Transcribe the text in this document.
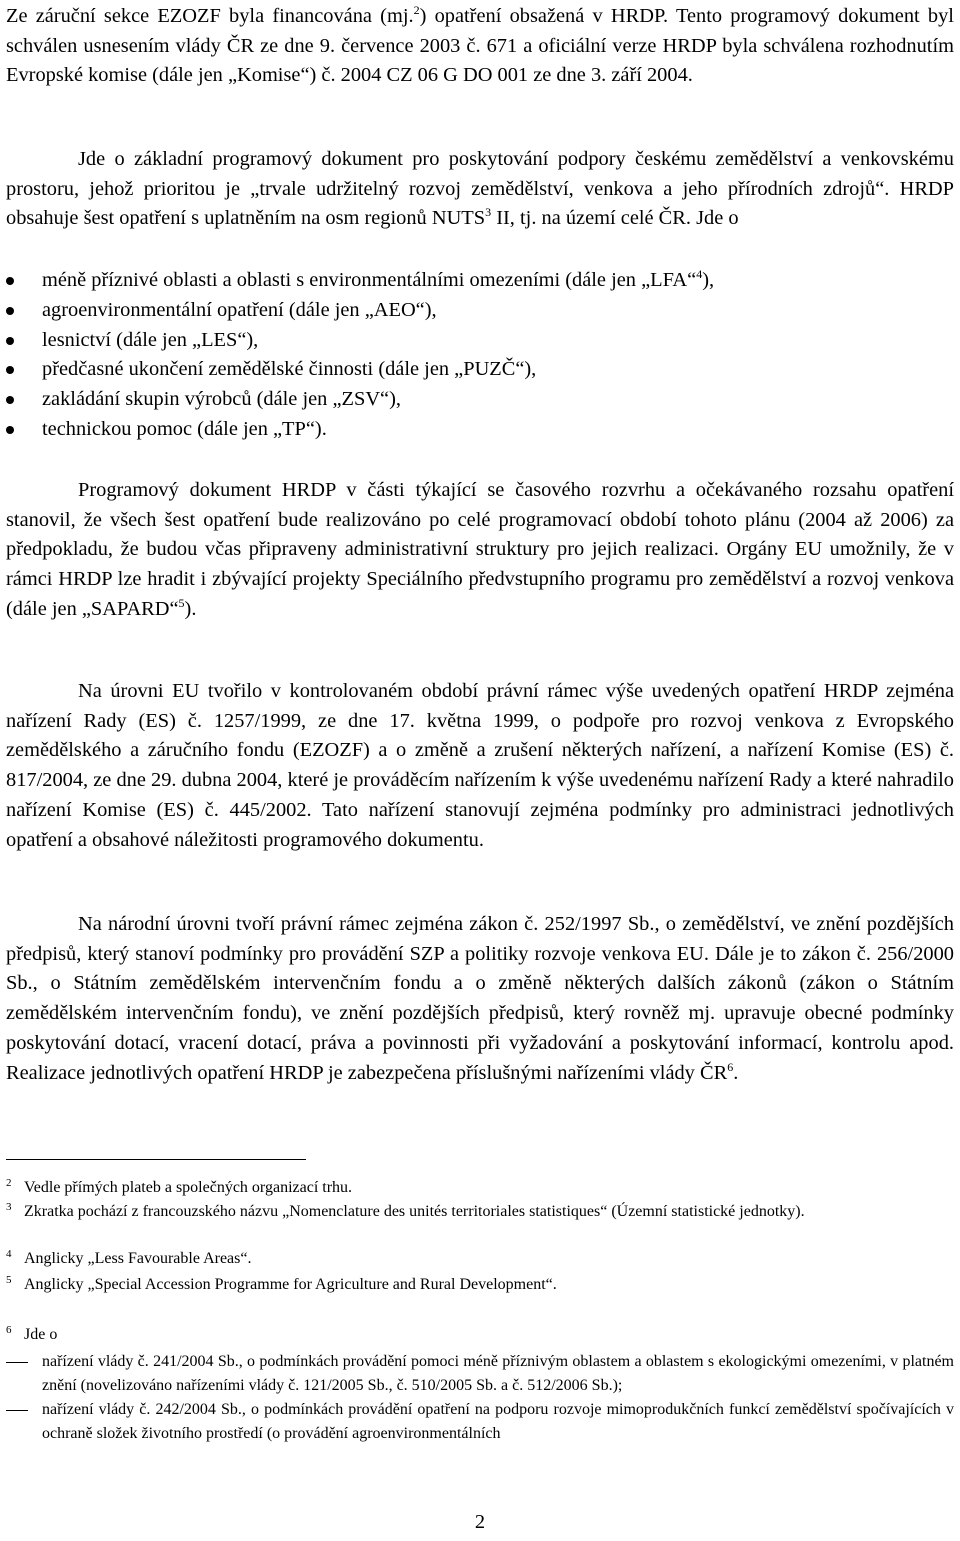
Ze záruční sekce EZOZF byla financována (mj.$^2$) opatření obsažená v HRDP. Tento programový dokument byl schválen usnesením vlády ČR ze dne 9. července 2003 č. 671 a oficiální verze HRDP byla schválena rozhodnutím Evropské komise (dále jen „Komise“) č. 2004 CZ 06 G DO 001 ze dne 3. září 2004.

Jde o základní programový dokument pro poskytování podpory českému zemědělství a venkovskému prostoru, jehož prioritou je „trvale udržitelný rozvoj zemědělství, venkova a jeho přírodních zdrojů“. HRDP obsahuje šest opatření s uplatněním na osm regionů NUTS$^3$ II, tj. na území celé ČR. Jde o

méně příznivé oblasti a oblasti s environmentálními omezeními (dále jen „LFA“$^4$),
agroenvironmentální opatření (dále jen „AEO“),
lesnictví (dále jen „LES“),
předčasné ukončení zemědělské činnosti (dále jen „PUZČ“),
zakládání skupin výrobců (dále jen „ZSV“),
technickou pomoc (dále jen „TP“).

Programový dokument HRDP v části týkající se časového rozvrhu a očekávaného rozsahu opatření stanovil, že všech šest opatření bude realizováno po celé programovací období tohoto plánu (2004 až 2006) za předpokladu, že budou včas připraveny administrativní struktury pro jejich realizaci. Orgány EU umožnily, že v rámci HRDP lze hradit i zbývající projekty Speciálního předvstupního programu pro zemědělství a rozvoj venkova (dále jen „SAPARD“$^5$).

Na úrovni EU tvořilo v kontrolovaném období právní rámec výše uvedených opatření HRDP zejména nařízení Rady (ES) č. 1257/1999, ze dne 17. května 1999, o podpoře pro rozvoj venkova z Evropského zemědělského a záručního fondu (EZOZF) a o změně a zrušení některých nařízení, a nařízení Komise (ES) č. 817/2004, ze dne 29. dubna 2004, které je prováděcím nařízením k výše uvedenému nařízení Rady a které nahradilo nařízení Komise (ES) č. 445/2002. Tato nařízení stanovují zejména podmínky pro administraci jednotlivých opatření a obsahové náležitosti programového dokumentu.

Na národní úrovni tvoří právní rámec zejména zákon č. 252/1997 Sb., o zemědělství, ve znění pozdějších předpisů, který stanoví podmínky pro provádění SZP a politiky rozvoje venkova EU. Dále je to zákon č. 256/2000 Sb., o Státním zemědělském intervenčním fondu a o změně některých dalších zákonů (zákon o Státním zemědělském intervenčním fondu), ve znění pozdějších předpisů, který rovněž mj. upravuje obecné podmínky poskytování dotací, vracení dotací, práva a povinnosti při vyžadování a poskytování informací, kontrolu apod. Realizace jednotlivých opatření HRDP je zabezpečena příslušnými nařízeními vlády $ČR^6$.

2 Vedle přímých plateb a společných organizací trhu.

3 Zkratka pochází z francouzského názvu „Nomenclature des unités territoriales statistiques“ (Územní statistické jednotky).

4 Anglicky „Less Favourable Areas“.

5 Anglicky „Special Accession Programme for Agriculture and Rural Development“.

6 Jde o

nařízení vlády č. 241/2004 Sb., o podmínkách provádění pomoci méně příznivým oblastem a oblastem s ekologickými omezeními, v platném znění (novelizováno nařízeními vlády č. 121/2005 Sb., č. 510/2005 Sb. a č. 512/2006 Sb.);
nařízení vlády č. 242/2004 Sb., o podmínkách provádění opatření na podporu rozvoje mimoprodukčních funkcí zemědělství spočívajících v ochraně složek životního prostředí (o provádění agroenvironmentálních
2
